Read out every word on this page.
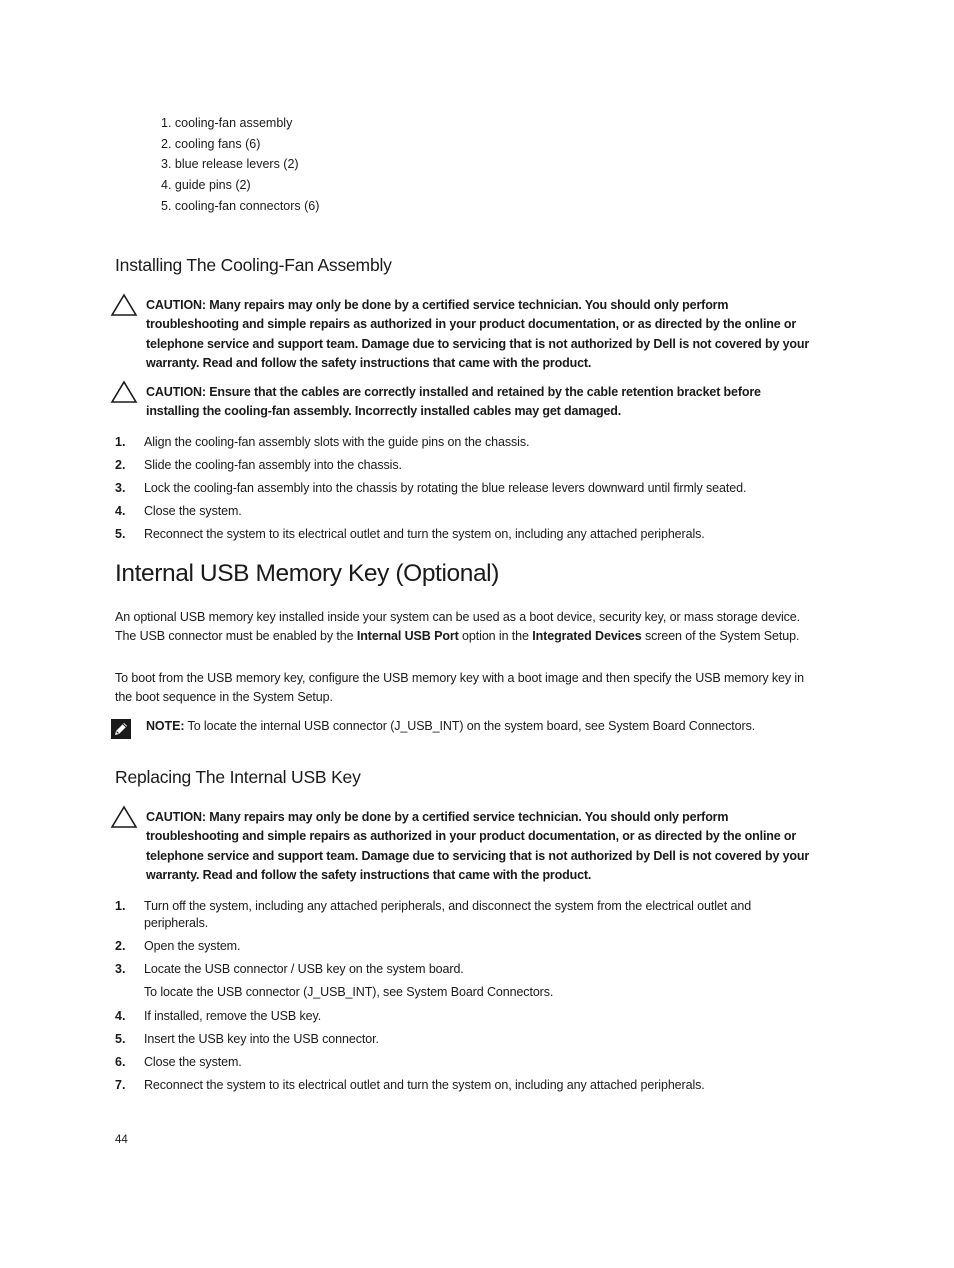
1. cooling-fan assembly
2. cooling fans (6)
3. blue release levers (2)
4. guide pins (2)
5. cooling-fan connectors (6)
Installing The Cooling-Fan Assembly
CAUTION: Many repairs may only be done by a certified service technician. You should only perform troubleshooting and simple repairs as authorized in your product documentation, or as directed by the online or telephone service and support team. Damage due to servicing that is not authorized by Dell is not covered by your warranty. Read and follow the safety instructions that came with the product.
CAUTION: Ensure that the cables are correctly installed and retained by the cable retention bracket before installing the cooling-fan assembly. Incorrectly installed cables may get damaged.
1. Align the cooling-fan assembly slots with the guide pins on the chassis.
2. Slide the cooling-fan assembly into the chassis.
3. Lock the cooling-fan assembly into the chassis by rotating the blue release levers downward until firmly seated.
4. Close the system.
5. Reconnect the system to its electrical outlet and turn the system on, including any attached peripherals.
Internal USB Memory Key (Optional)

An optional USB memory key installed inside your system can be used as a boot device, security key, or mass storage device. The USB connector must be enabled by the Internal USB Port option in the Integrated Devices screen of the System Setup.

To boot from the USB memory key, configure the USB memory key with a boot image and then specify the USB memory key in the boot sequence in the System Setup.

NOTE: To locate the internal USB connector (J_USB_INT) on the system board, see System Board Connectors.
Replacing The Internal USB Key
CAUTION: Many repairs may only be done by a certified service technician. You should only perform troubleshooting and simple repairs as authorized in your product documentation, or as directed by the online or telephone service and support team. Damage due to servicing that is not authorized by Dell is not covered by your warranty. Read and follow the safety instructions that came with the product.
1. Turn off the system, including any attached peripherals, and disconnect the system from the electrical outlet and peripherals.
2. Open the system.
3. Locate the USB connector / USB key on the system board.
To locate the USB connector (J_USB_INT), see System Board Connectors.
4. If installed, remove the USB key.
5. Insert the USB key into the USB connector.
6. Close the system.
7. Reconnect the system to its electrical outlet and turn the system on, including any attached peripherals.
44
